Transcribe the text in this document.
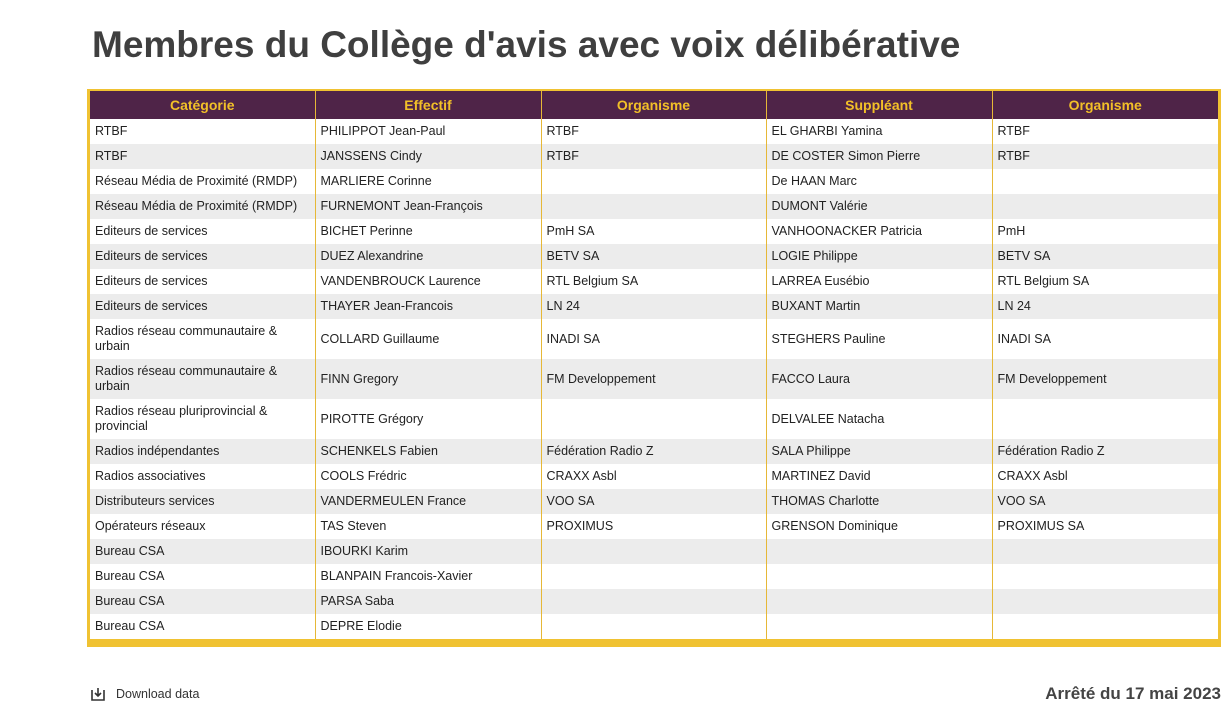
Membres du Collège d'avis avec voix délibérative
Catégorie	Effectif	Organisme	Suppléant	Organisme
RTBF	PHILIPPOT Jean-Paul	RTBF	EL GHARBI Yamina	RTBF
RTBF	JANSSENS Cindy	RTBF	DE COSTER Simon Pierre	RTBF
Réseau Média de Proximité (RMDP)	MARLIERE Corinne		De HAAN Marc	
Réseau Média de Proximité (RMDP)	FURNEMONT Jean-François		DUMONT Valérie	
Editeurs de services	BICHET Perinne	PmH SA	VANHOONACKER Patricia	PmH
Editeurs de services	DUEZ Alexandrine	BETV SA	LOGIE Philippe	BETV SA
Editeurs de services	VANDENBROUCK Laurence	RTL Belgium SA	LARREA Eusébio	RTL Belgium SA
Editeurs de services	THAYER Jean-Francois	LN 24	BUXANT Martin	LN 24
Radios réseau communautaire & urbain	COLLARD Guillaume	INADI SA	STEGHERS Pauline	INADI SA
Radios réseau communautaire & urbain	FINN Gregory	FM Developpement	FACCO Laura	FM Developpement
Radios réseau pluriprovincial & provincial	PIROTTE Grégory		DELVALEE Natacha	
Radios indépendantes	SCHENKELS Fabien	Fédération Radio Z	SALA Philippe	Fédération Radio Z
Radios associatives	COOLS Frédric	CRAXX Asbl	MARTINEZ David	CRAXX Asbl
Distributeurs services	VANDERMEULEN France	VOO SA	THOMAS Charlotte	VOO SA
Opérateurs réseaux	TAS Steven	PROXIMUS	GRENSON Dominique	PROXIMUS SA
Bureau CSA	IBOURKI Karim			
Bureau CSA	BLANPAIN Francois-Xavier			
Bureau CSA	PARSA Saba			
Bureau CSA	DEPRE Elodie			
Download data	Arrêté du 17 mai 2023
